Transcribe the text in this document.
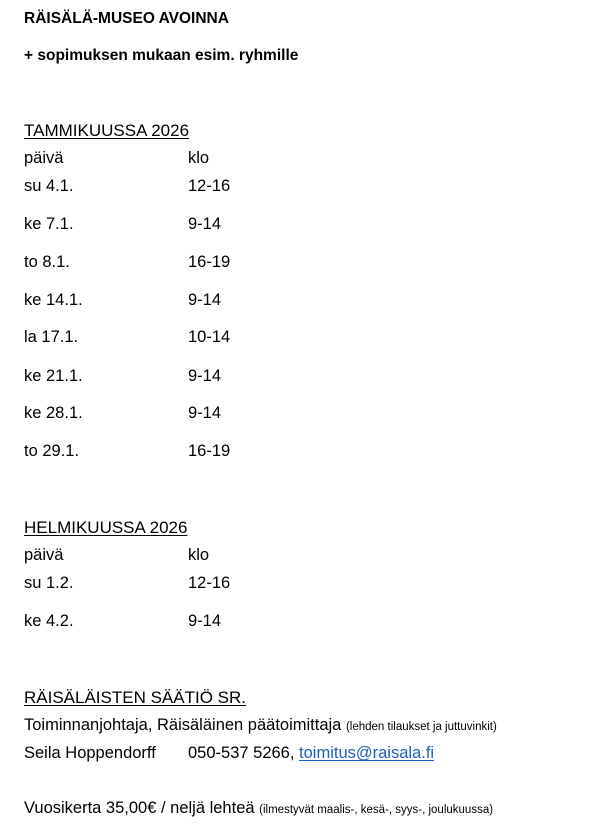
RÄISÄLÄ-MUSEO AVOINNA
+ sopimuksen mukaan esim. ryhmille
TAMMIKUUSSA 2026
päivä	klo
su 4.1.	12-16
ke 7.1.	9-14
to 8.1.	16-19
ke 14.1.	9-14
la 17.1.	10-14
ke 21.1.	9-14
ke 28.1.	9-14
to 29.1.	16-19
HELMIKUUSSA 2026
päivä	klo
su 1.2.	12-16
ke 4.2.	9-14
RÄISÄLÄISTEN SÄÄTIÖ SR.
Toiminnanjohtaja, Räisäläinen päätoimittaja (lehden tilaukset ja juttuvinkit)
Seila Hoppendorff 050-537 5266, toimitus@raisala.fi
Vuosikerta 35,00€ / neljä lehteä (ilmestyvät maalis-, kesä-, syys-, joulukuussa)
